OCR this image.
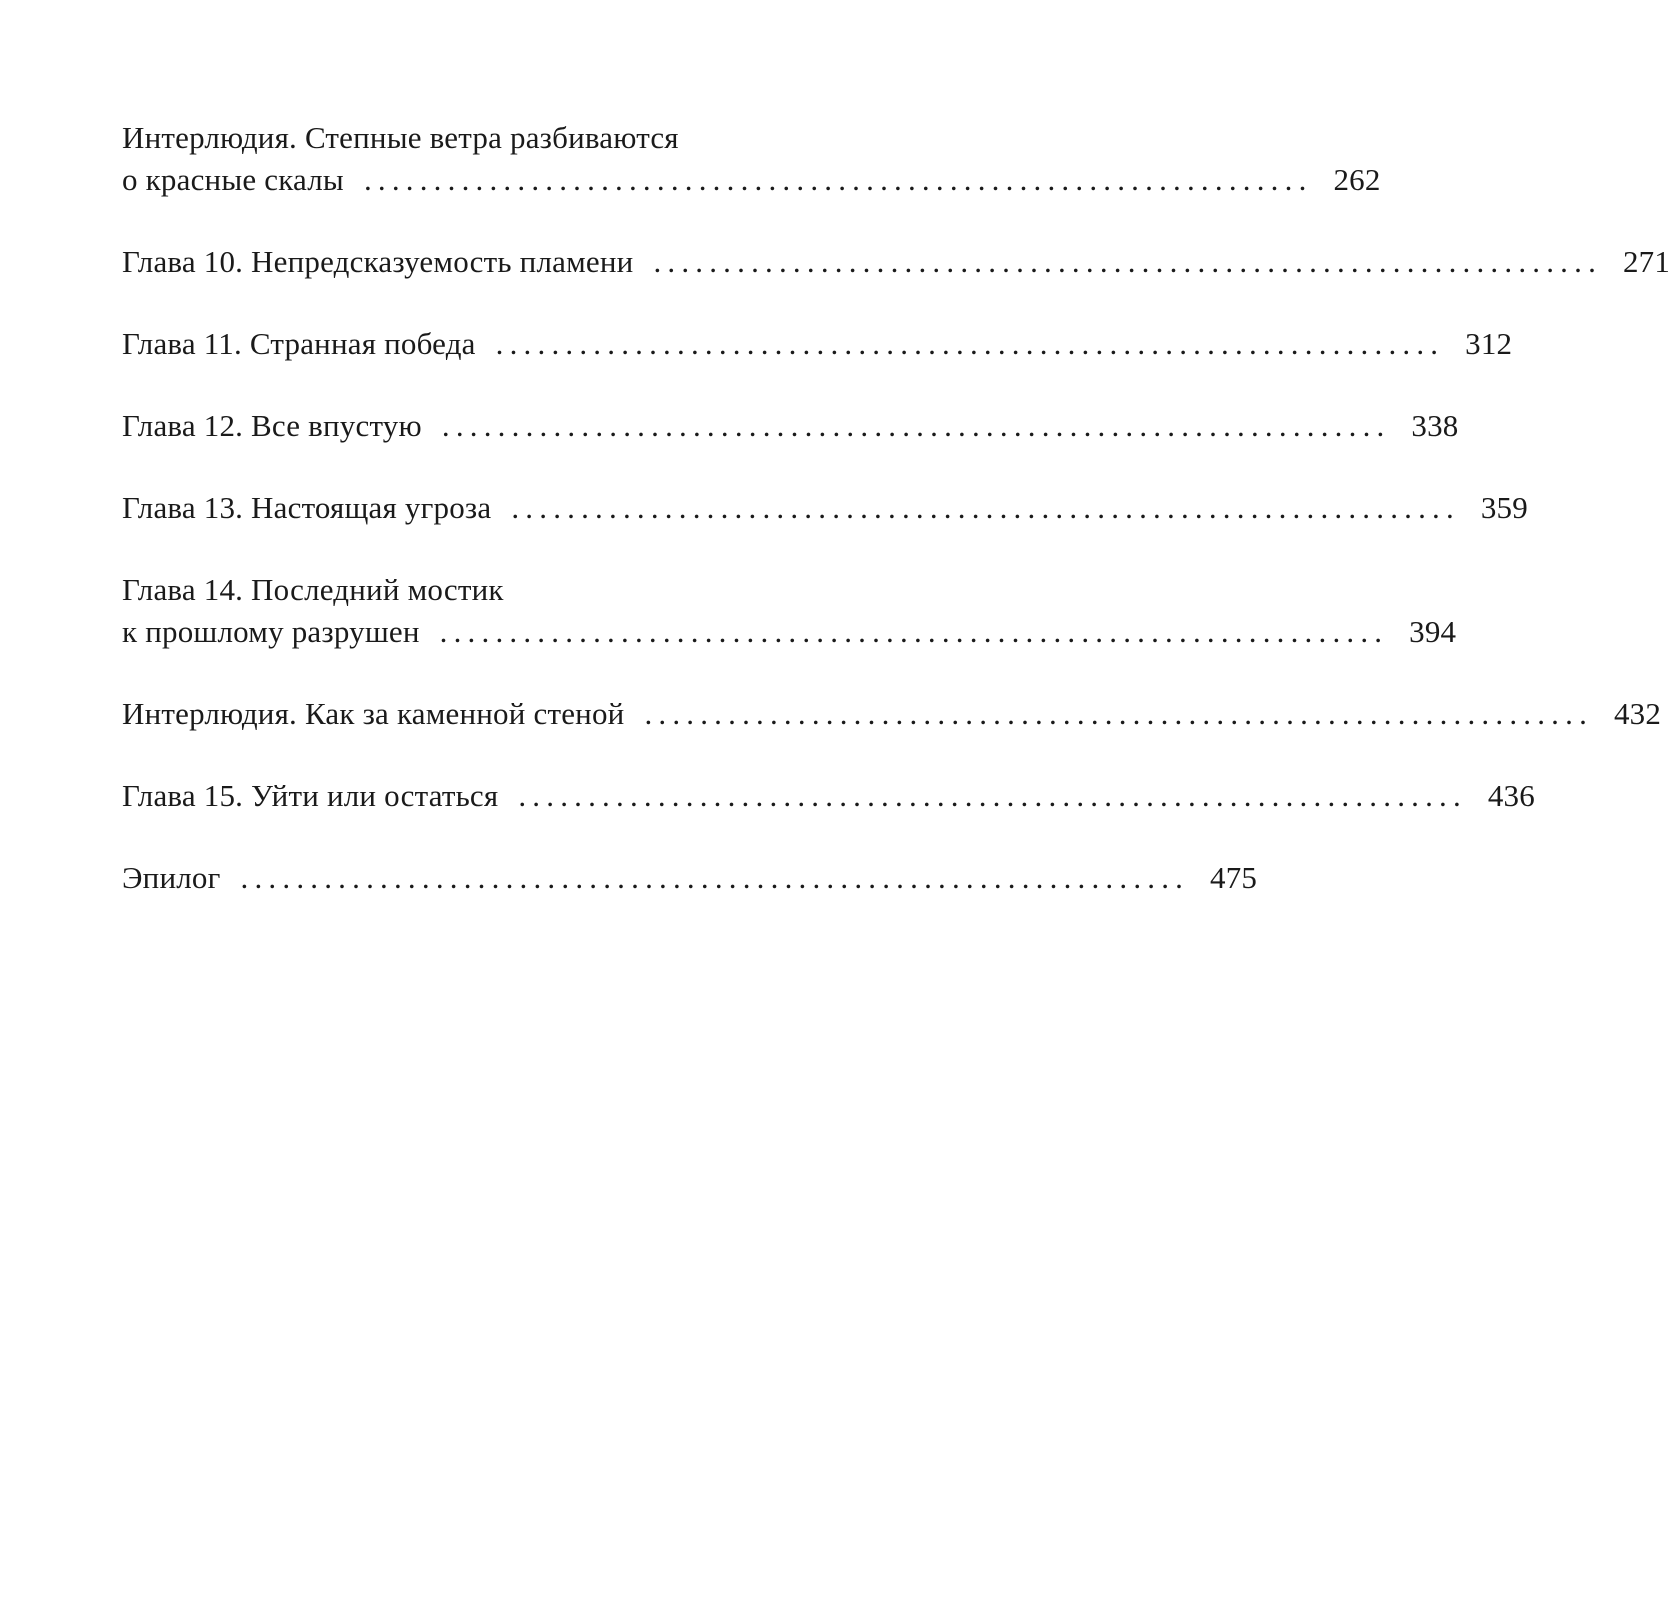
Интерлюдия. Степные ветра разбиваются
о красные скалы .................................................................... 262
Глава 10. Непредсказуемость пламени .................................................................... 271
Глава 11. Странная победа .................................................................... 312
Глава 12. Все впустую .................................................................... 338
Глава 13. Настоящая угроза .................................................................... 359
Глава 14. Последний мостик
к прошлому разрушен .................................................................... 394
Интерлюдия. Как за каменной стеной .................................................................... 432
Глава 15. Уйти или остаться .................................................................... 436
Эпилог .................................................................... 475
